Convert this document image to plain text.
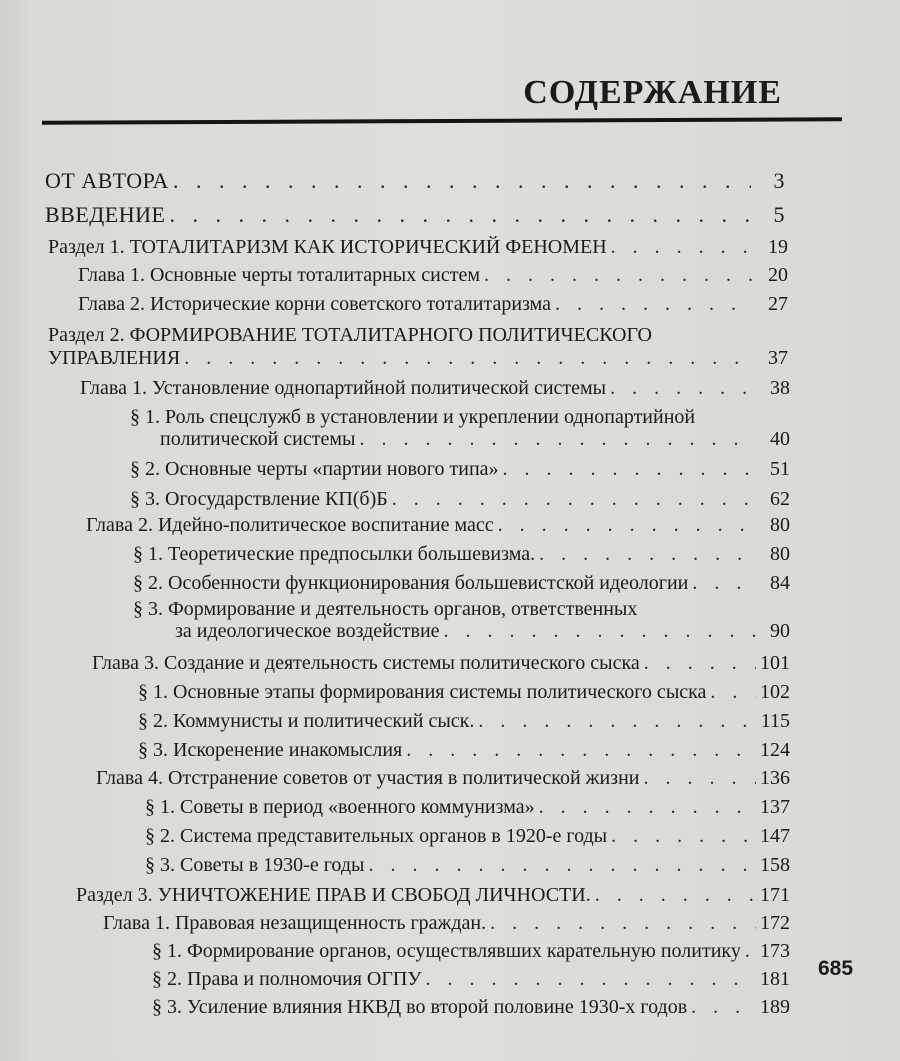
СОДЕРЖАНИЕ
ОТ АВТОРА . . .	3
ВВЕДЕНИЕ . . .	5
Раздел 1. ТОТАЛИТАРИЗМ КАК ИСТОРИЧЕСКИЙ ФЕНОМЕН . . .	19
Глава 1. Основные черты тоталитарных систем . . .	20
Глава 2. Исторические корни советского тоталитаризма . . .	27
Раздел 2. ФОРМИРОВАНИЕ ТОТАЛИТАРНОГО ПОЛИТИЧЕСКОГО
УПРАВЛЕНИЯ . . .	37
Глава 1. Установление однопартийной политической системы . . .	38
§ 1. Роль спецслужб в установлении и укреплении однопартийной
политической системы . . .	40
§ 2. Основные черты «партии нового типа» . . .	51
§ 3. Огосударствление КП(б)Б . . .	62
Глава 2. Идейно-политическое воспитание масс . . .	80
§ 1. Теоретические предпосылки большевизма. . . .	80
§ 2. Особенности функционирования большевистской идеологии . . .	84
§ 3. Формирование и деятельность органов, ответственных
за идеологическое воздействие . . .	90
Глава 3. Создание и деятельность системы политического сыска . . .	101
§ 1. Основные этапы формирования системы политического сыска . . .	102
§ 2. Коммунисты и политический сыск. . . .	115
§ 3. Искоренение инакомыслия . . .	124
Глава 4. Отстранение советов от участия в политической жизни . . .	136
§ 1. Советы в период «военного коммунизма» . . .	137
§ 2. Система представительных органов в 1920-е годы . . .	147
§ 3. Советы в 1930-е годы . . .	158
Раздел 3. УНИЧТОЖЕНИЕ ПРАВ И СВОБОД ЛИЧНОСТИ. . . .	171
Глава 1. Правовая незащищенность граждан. . . .	172
§ 1. Формирование органов, осуществлявших карательную политику . . . 173
§ 2. Права и полномочия ОГПУ . . .	181
§ 3. Усиление влияния НКВД во второй половине 1930-х годов . . .	189
685
